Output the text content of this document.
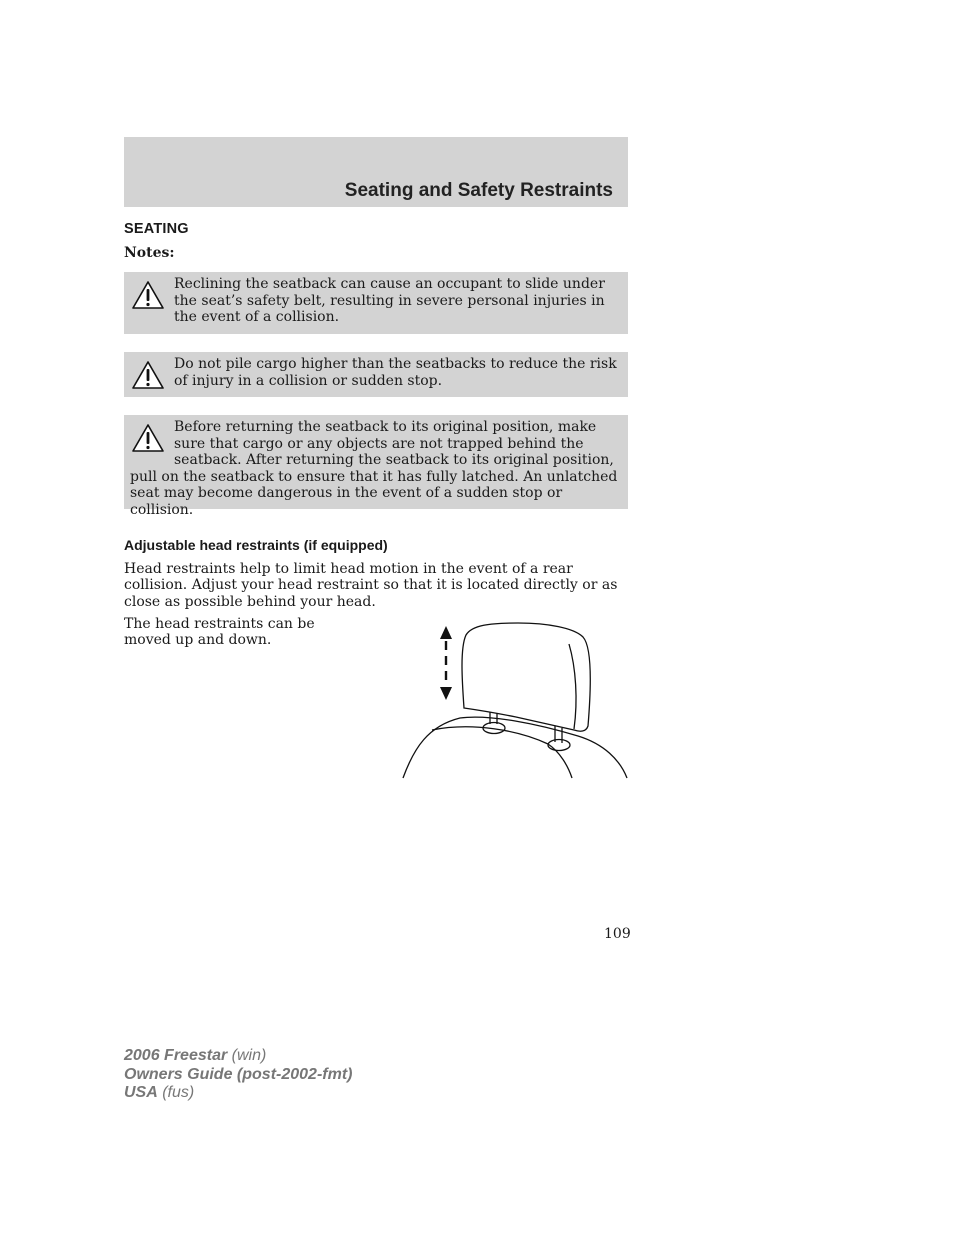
Seating and Safety Restraints
SEATING
Notes:

Reclining the seatback can cause an occupant to slide under the seat’s safety belt, resulting in severe personal injuries in the event of a collision.

Do not pile cargo higher than the seatbacks to reduce the risk of injury in a collision or sudden stop.

Before returning the seatback to its original position, make sure that cargo or any objects are not trapped behind the seatback. After returning the seatback to its original position, pull on the seatback to ensure that it has fully latched. An unlatched seat may become dangerous in the event of a sudden stop or collision.

Adjustable head restraints (if equipped)

Head restraints help to limit head motion in the event of a rear collision. Adjust your head restraint so that it is located directly or as close as possible behind your head.

The head restraints can be moved up and down.

109
2006 Freestar (win)
Owners Guide (post-2002-fmt)
USA (fus)
